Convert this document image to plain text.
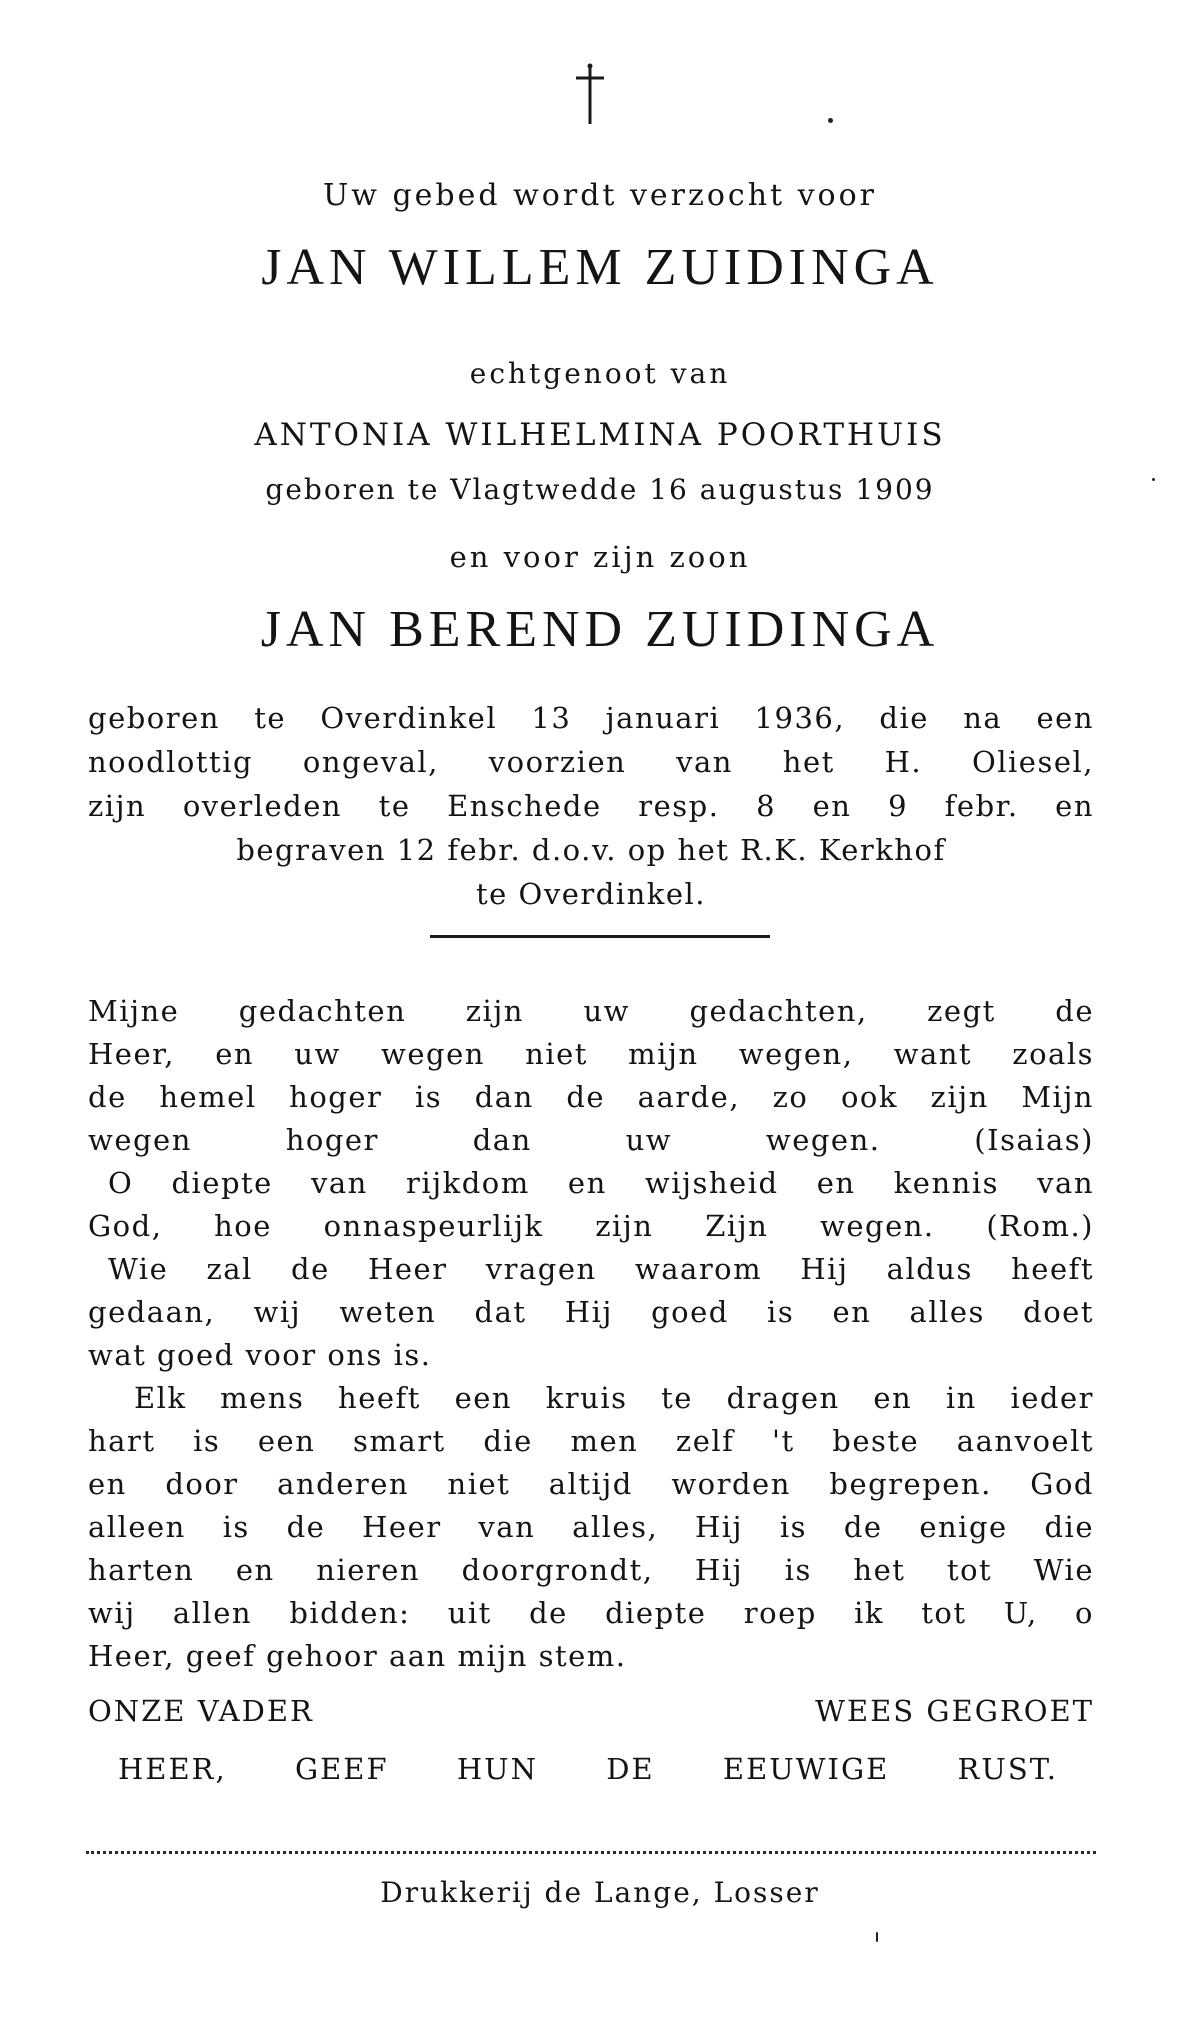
Uw gebed wordt verzocht voor
JAN WILLEM ZUIDINGA
echtgenoot van
ANTONIA WILHELMINA POORTHUIS
geboren te Vlagtwedde 16 augustus 1909
en voor zijn zoon
JAN BEREND ZUIDINGA
geboren te Overdinkel 13 januari 1936, die na een
noodlottig ongeval, voorzien van het H. Oliesel,
zijn overleden te Enschede resp. 8 en 9 febr. en
begraven 12 febr. d.o.v. op het R.K. Kerkhof
te Overdinkel.
Mijne gedachten zijn uw gedachten, zegt de
Heer, en uw wegen niet mijn wegen, want zoals
de hemel hoger is dan de aarde, zo ook zijn Mijn
wegen hoger dan uw wegen. (Isaias)
O diepte van rijkdom en wijsheid en kennis van
God, hoe onnaspeurlijk zijn Zijn wegen. (Rom.)
Wie zal de Heer vragen waarom Hij aldus heeft
gedaan, wij weten dat Hij goed is en alles doet
wat goed voor ons is.
Elk mens heeft een kruis te dragen en in ieder
hart is een smart die men zelf 't beste aanvoelt
en door anderen niet altijd worden begrepen. God
alleen is de Heer van alles, Hij is de enige die
harten en nieren doorgrondt, Hij is het tot Wie
wij allen bidden: uit de diepte roep ik tot U, o
Heer, geef gehoor aan mijn stem.
ONZE VADER	WEES GEGROET
HEER, GEEF HUN DE EEUWIGE RUST.
Drukkerij de Lange, Losser
